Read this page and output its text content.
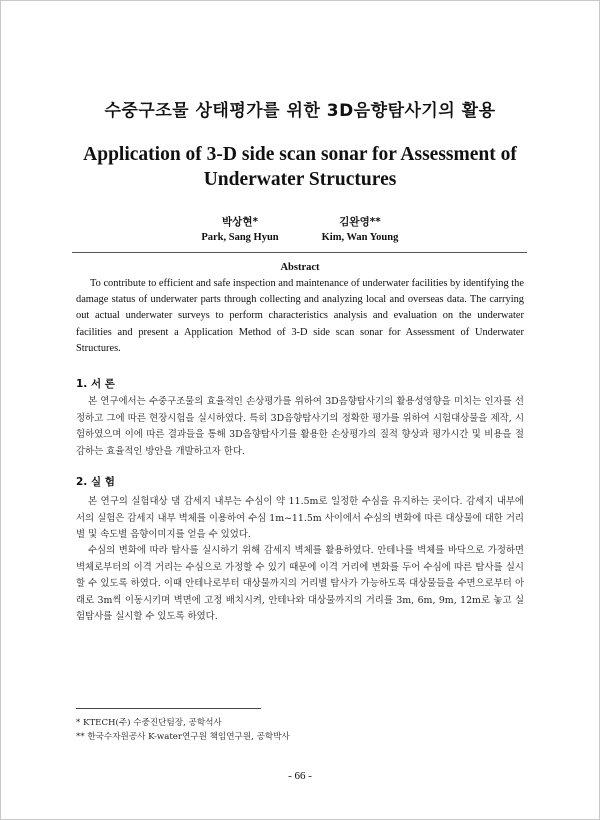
수중구조물 상태평가를 위한 3D음향탐사기의 활용
Application of 3-D side scan sonar for Assessment of Underwater Structures
박상현*
Park, Sang Hyun
김완영**
Kim, Wan Young
Abstract
To contribute to efficient and safe inspection and maintenance of underwater facilities by identifying the damage status of underwater parts through collecting and analyzing local and overseas data. The carrying out actual underwater surveys to perform characteristics analysis and evaluation on the underwater facilities and present a Application Method of 3-D side scan sonar for Assessment of Underwater Structures.
1. 서 론
본 연구에서는 수중구조물의 효율적인 손상평가를 위하여 3D음향탐사기의 활용성영향을 미치는 인자를 선정하고 그에 따른 현장시험을 실시하였다. 특히 3D음향탐사기의 정확한 평가를 위하여 시험대상물을 제작, 시험하였으며 이에 따른 결과들을 통해 3D음향탐사기를 활용한 손상평가의 질적 향상과 평가시간 및 비용을 절감하는 효율적인 방안을 개발하고자 한다.
2. 실 험
본 연구의 실험대상 댐 감세지 내부는 수심이 약 11.5m로 일정한 수심을 유지하는 곳이다. 감세지 내부에서의 실험은 감세지 내부 벽체를 이용하여 수심 1m~11.5m 사이에서 수심의 변화에 따른 대상물에 대한 거리별 및 속도별 음향이미지를 얻을 수 있었다.
수심의 변화에 따라 탐사를 실시하기 위해 감세지 벽체를 활용하였다. 안테나를 벽체를 바닥으로 가정하면 벽체로부터의 이격 거리는 수심으로 가정할 수 있기 때문에 이격 거리에 변화를 두어 수심에 따른 탐사를 실시 할 수 있도록 하였다. 이때 안테나로부터 대상물까지의 거리별 탐사가 가능하도록 대상물들을 수면으로부터 아래로 3m씩 이동시키며 벽면에 고정 배치시켜, 안테나와 대상물까지의 거리를 3m, 6m, 9m, 12m로 놓고 실험탐사를 실시할 수 있도록 하였다.
* KTECH(주) 수중진단팀장, 공학석사
** 한국수자원공사 K-water연구원 책임연구원, 공학박사
- 66 -
